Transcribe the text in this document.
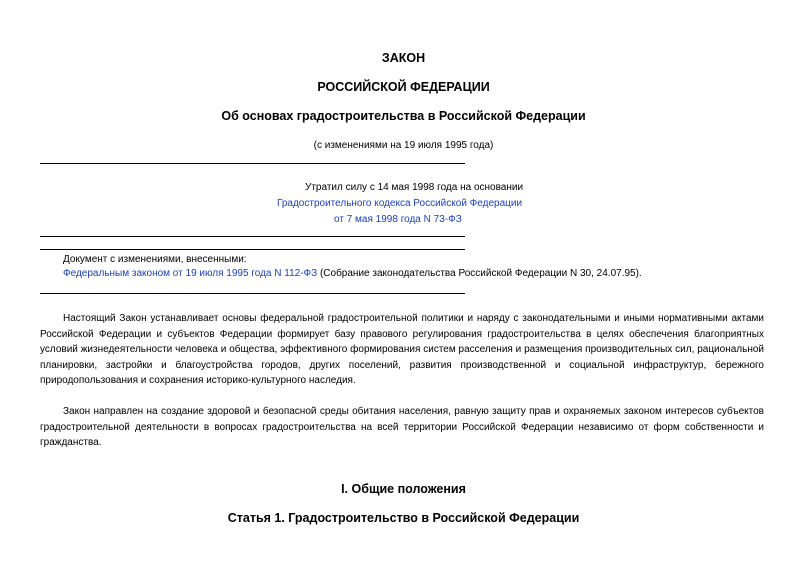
ЗАКОН
РОССИЙСКОЙ ФЕДЕРАЦИИ
Об основах градостроительства в Российской Федерации
(с изменениями на 19 июля 1995 года)
Утратил силу с 14 мая 1998 года на основании
Градостроительного кодекса Российской Федерации
от 7 мая 1998 года N 73-ФЗ
Документ с изменениями, внесенными:
Федеральным законом от 19 июля 1995 года N 112-ФЗ (Собрание законодательства Российской Федерации N 30, 24.07.95).

Настоящий Закон устанавливает основы федеральной градостроительной политики и наряду с законодательными и иными нормативными актами Российской Федерации и субъектов Федерации формирует базу правового регулирования градостроительства в целях обеспечения благоприятных условий жизнедеятельности человека и общества, эффективного формирования систем расселения и размещения производительных сил, рациональной планировки, застройки и благоустройства городов, других поселений, развития производственной и социальной инфраструктур, бережного природопользования и сохранения историко-культурного наследия.

Закон направлен на создание здоровой и безопасной среды обитания населения, равную защиту прав и охраняемых законом интересов субъектов градостроительной деятельности в вопросах градостроительства на всей территории Российской Федерации независимо от форм собственности и гражданства.

I. Общие положения
Статья 1. Градостроительство в Российской Федерации
